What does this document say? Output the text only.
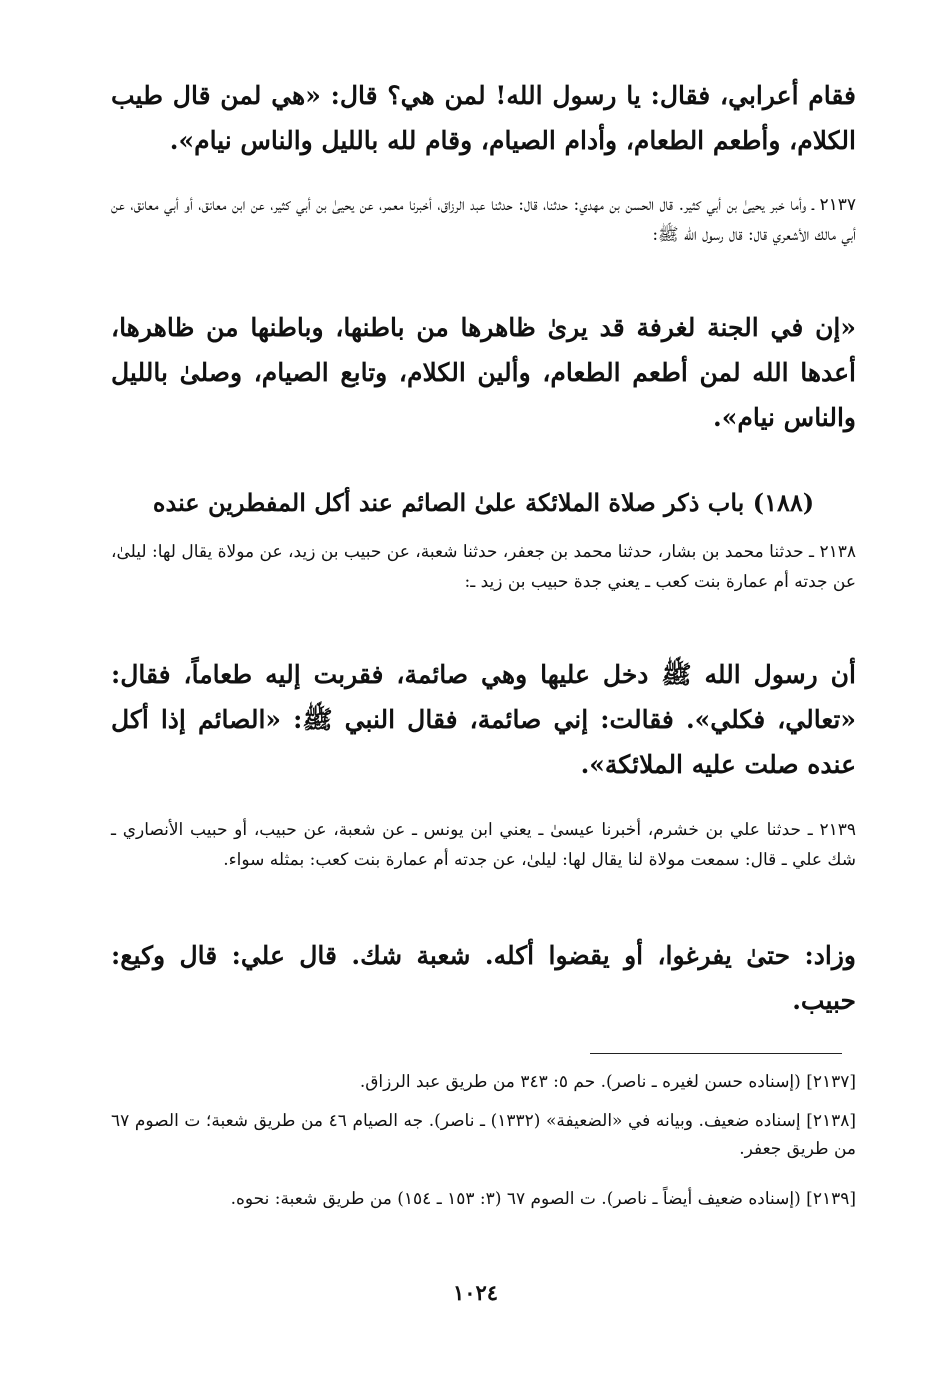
فقام أعرابي، فقال: يا رسول الله! لمن هي؟ قال: «هي لمن قال طيب الكلام، وأطعم الطعام، وأدام الصيام، وقام لله بالليل والناس نيام».
٢١٣٧ ـ وأما خبر يحيىٰ بن أبي كثير. قال الحسن بن مهدي: حدثنا، قال: حدثنا عبد الرزاق، أخبرنا معمر، عن يحيىٰ بن أبي كثير، عن ابن معانق، أو أبي معانق، عن أبي مالك الأشعري قال: قال رسول الله ﷺ:
«إن في الجنة لغرفة قد يرىٰ ظاهرها من باطنها، وباطنها من ظاهرها، أعدها الله لمن أطعم الطعام، وألين الكلام، وتابع الصيام، وصلىٰ بالليل والناس نيام».
(١٨٨) باب ذكر صلاة الملائكة علىٰ الصائم عند أكل المفطرين عنده
٢١٣٨ ـ حدثنا محمد بن بشار، حدثنا محمد بن جعفر، حدثنا شعبة، عن حبيب بن زيد، عن مولاة يقال لها: ليلىٰ، عن جدته أم عمارة بنت كعب ـ يعني جدة حبيب بن زيد ـ:
أن رسول الله ﷺ دخل عليها وهي صائمة، فقربت إليه طعاماً، فقال: «تعالي، فكلي». فقالت: إني صائمة، فقال النبي ﷺ: «الصائم إذا أكل عنده صلت عليه الملائكة».
٢١٣٩ ـ حدثنا علي بن خشرم، أخبرنا عيسىٰ ـ يعني ابن يونس ـ عن شعبة، عن حبيب، أو حبيب الأنصاري ـ شك علي ـ قال: سمعت مولاة لنا يقال لها: ليلىٰ، عن جدته أم عمارة بنت كعب: بمثله سواء.
وزاد: حتىٰ يفرغوا، أو يقضوا أكله. شعبة شك. قال علي: قال وكيع: حبيب.
[٢١٣٧] (إسناده حسن لغيره ـ ناصر). حم ٥: ٣٤٣ من طريق عبد الرزاق.
[٢١٣٨] إسناده ضعيف. وبيانه في «الضعيفة» (١٣٣٢) ـ ناصر). جه الصيام ٤٦ من طريق شعبة؛ ت الصوم ٦٧ من طريق جعفر.
[٢١٣٩] (إسناده ضعيف أيضاً ـ ناصر). ت الصوم ٦٧ (٣: ١٥٣ ـ ١٥٤) من طريق شعبة: نحوه.
١٠٢٤
